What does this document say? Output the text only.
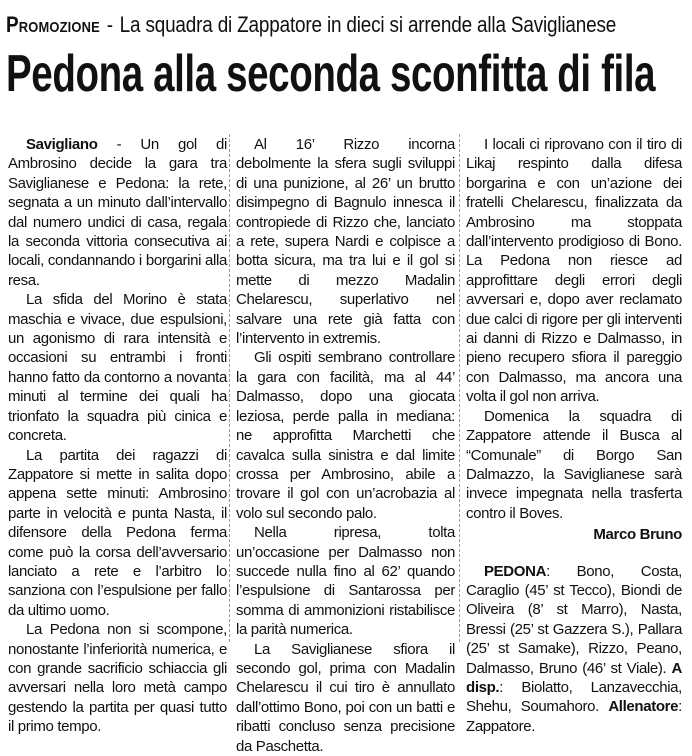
Promozione - La squadra di Zappatore in dieci si arrende alla Saviglianese
Pedona alla seconda sconfitta di fila

Savigliano - Un gol di Ambrosino decide la gara tra Saviglianese e Pedona: la rete, segnata a un minuto dall’intervallo dal numero undici di casa, regala la seconda vittoria consecutiva ai locali, condannando i borgarini alla resa.

La sfida del Morino è stata maschia e vivace, due espulsioni, un agonismo di rara intensità e occasioni su entrambi i fronti hanno fatto da contorno a novanta minuti al termine dei quali ha trionfato la squadra più cinica e concreta.

La partita dei ragazzi di Zappatore si mette in salita dopo appena sette minuti: Ambrosino parte in velocità e punta Nasta, il difensore della Pedona ferma come può la corsa dell’avversario lanciato a rete e l’arbitro lo sanziona con l’espulsione per fallo da ultimo uomo.

La Pedona non si scompone, nonostante l’inferiorità numerica, e con grande sacrificio schiaccia gli avversari nella loro metà campo gestendo la partita per quasi tutto il primo tempo.

Al 16’ Rizzo incorna debolmente la sfera sugli sviluppi di una punizione, al 26’ un brutto disimpegno di Bagnulo innesca il contropiede di Rizzo che, lanciato a rete, supera Nardi e colpisce a botta sicura, ma tra lui e il gol si mette di mezzo Madalin Chelarescu, superlativo nel salvare una rete già fatta con l’intervento in extremis.

Gli ospiti sembrano controllare la gara con facilità, ma al 44’ Dalmasso, dopo una giocata leziosa, perde palla in mediana: ne approfitta Marchetti che cavalca sulla sinistra e dal limite crossa per Ambrosino, abile a trovare il gol con un’acrobazia al volo sul secondo palo.

Nella ripresa, tolta un’occasione per Dalmasso non succede nulla fino al 62’ quando l’espulsione di Santarossa per somma di ammonizioni ristabilisce la parità numerica.

La Saviglianese sfiora il secondo gol, prima con Madalin Chelarescu il cui tiro è annullato dall’ottimo Bono, poi con un batti e ribatti concluso senza precisione da Paschetta.

I locali ci riprovano con il tiro di Likaj respinto dalla difesa borgarina e con un’azione dei fratelli Chelarescu, finalizzata da Ambrosino ma stoppata dall’intervento prodigioso di Bono. La Pedona non riesce ad approfittare degli errori degli avversari e, dopo aver reclamato due calci di rigore per gli interventi ai danni di Rizzo e Dalmasso, in pieno recupero sfiora il pareggio con Dalmasso, ma ancora una volta il gol non arriva.

Domenica la squadra di Zappatore attende il Busca al “Comunale” di Borgo San Dalmazzo, la Saviglianese sarà invece impegnata nella trasferta contro il Boves.

Marco Bruno

PEDONA: Bono, Costa, Caraglio (45’ st Tecco), Biondi de Oliveira (8’ st Marro), Nasta, Bressi (25’ st Gazzera S.), Pallara (25’ st Samake), Rizzo, Peano, Dalmasso, Bruno (46’ st Viale). A disp.: Biolatto, Lanzavecchia, Shehu, Soumahoro. Allenatore: Zappatore.
